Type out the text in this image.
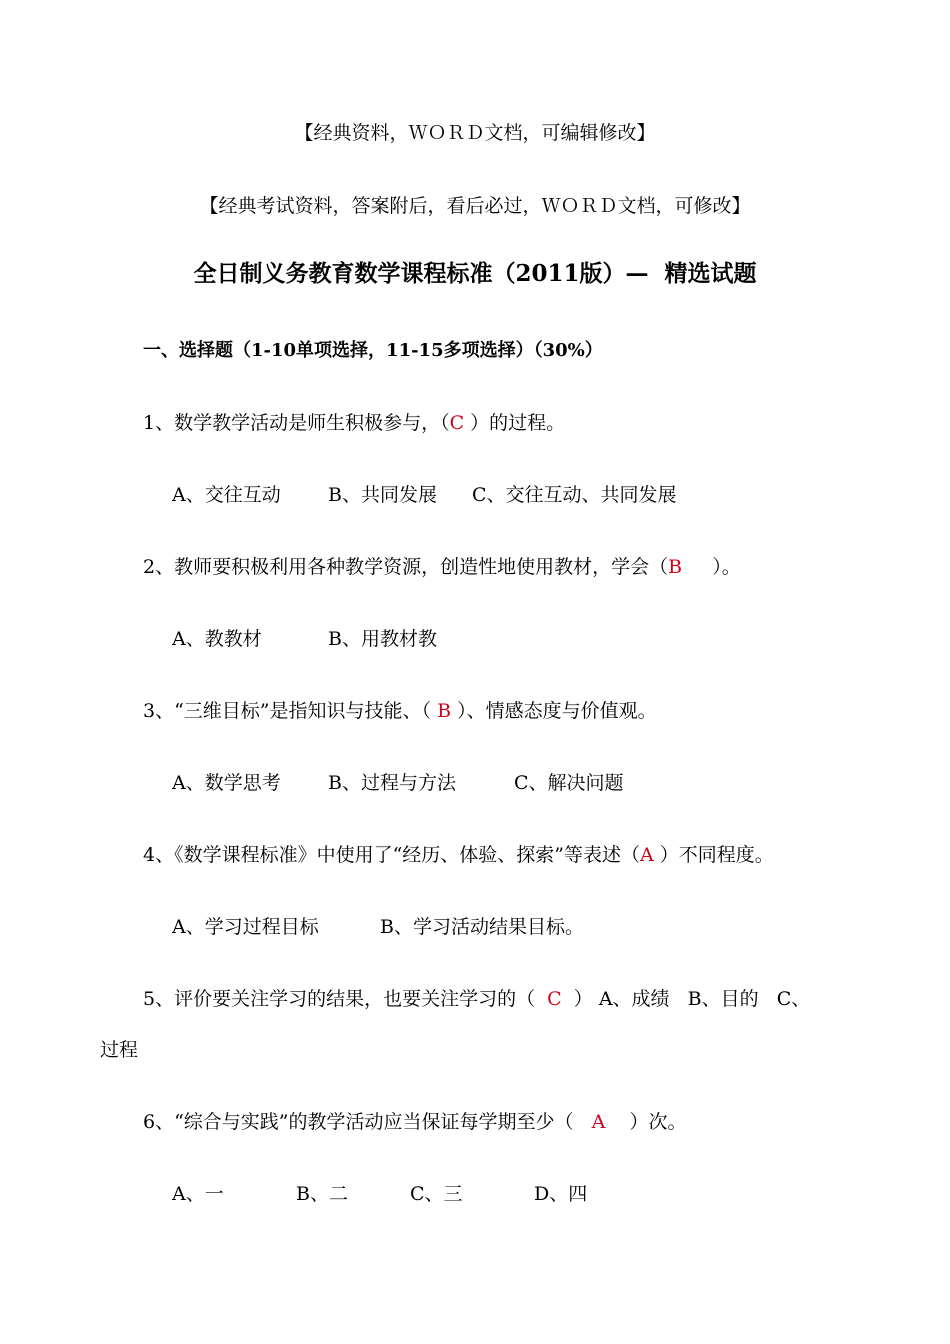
【经典资料，ＷＯＲＤ文档，可编辑修改】
【经典考试资料，答案附后，看后必过，ＷＯＲＤ文档，可修改】
全日制义务教育数学课程标准（2011版）—  精选试题
一、选择题（1-10单项选择，11-15多项选择）（30%）
1、数学教学活动是师生积极参与，（C ）的过程。
A、交往互动 B、共同发展 C、交往互动、共同发展
2、教师要积极利用各种教学资源，创造性地使用教材，学会（B     ）。
A、教教材	B、用教材教
3、“三维目标”是指知识与技能、（ B ）、情感态度与价值观。
A、数学思考 B、过程与方法	C、解决问题
4、《数学课程标准》中使用了“经历、体验、探索”等表述（A ）不同程度。
A、学习过程目标	B、学习活动结果目标。
5、评价要关注学习的结果，也要关注学习的（  C  ） A、成绩   B、目的   C、
过程
6、“综合与实践”的教学活动应当保证每学期至少（   A    ）次。
A、一	B、二	C、三	D、四
